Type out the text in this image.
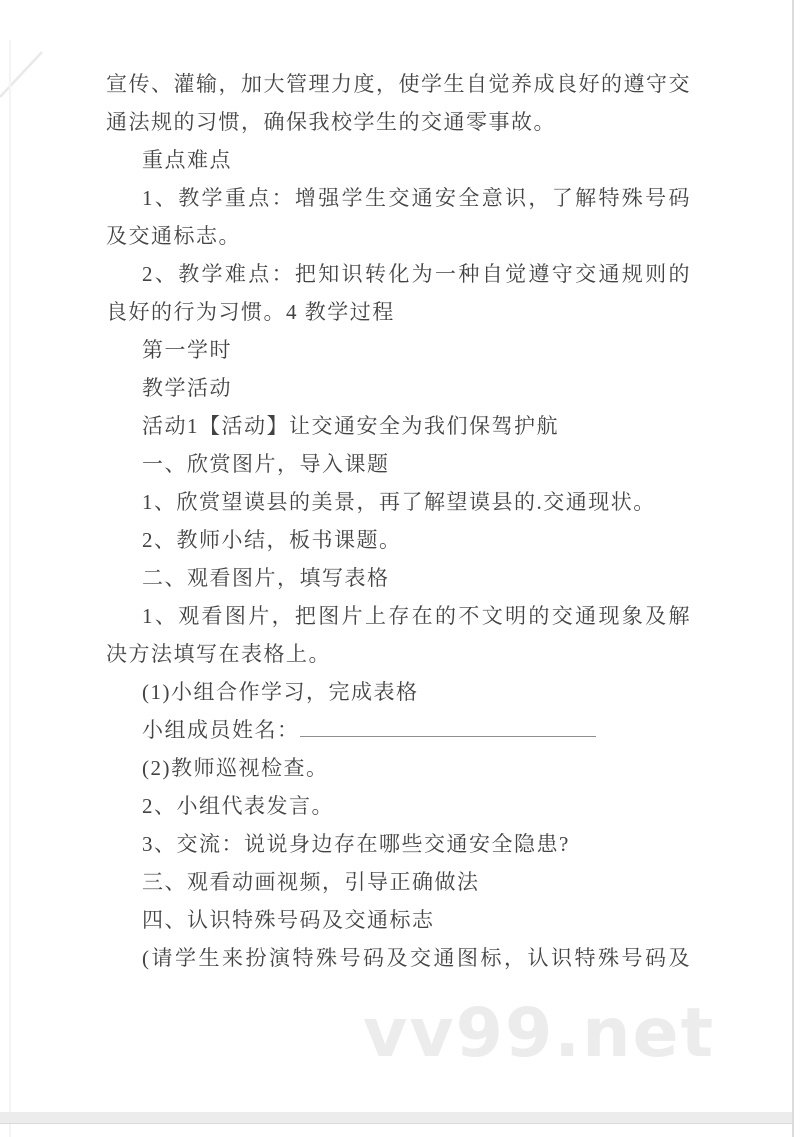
宣传、灌输，加大管理力度，使学生自觉养成良好的遵守交
通法规的习惯，确保我校学生的交通零事故。
重点难点
1、教学重点：增强学生交通安全意识，了解特殊号码
及交通标志。
2、教学难点：把知识转化为一种自觉遵守交通规则的
良好的行为习惯。4 教学过程
第一学时
教学活动
活动1【活动】让交通安全为我们保驾护航
一、欣赏图片，导入课题
1、欣赏望谟县的美景，再了解望谟县的.交通现状。
2、教师小结，板书课题。
二、观看图片，填写表格
1、观看图片，把图片上存在的不文明的交通现象及解
决方法填写在表格上。
(1)小组合作学习，完成表格
小组成员姓名：
(2)教师巡视检查。
2、小组代表发言。
3、交流：说说身边存在哪些交通安全隐患?
三、观看动画视频，引导正确做法
四、认识特殊号码及交通标志
(请学生来扮演特殊号码及交通图标，认识特殊号码及
vv99.net
